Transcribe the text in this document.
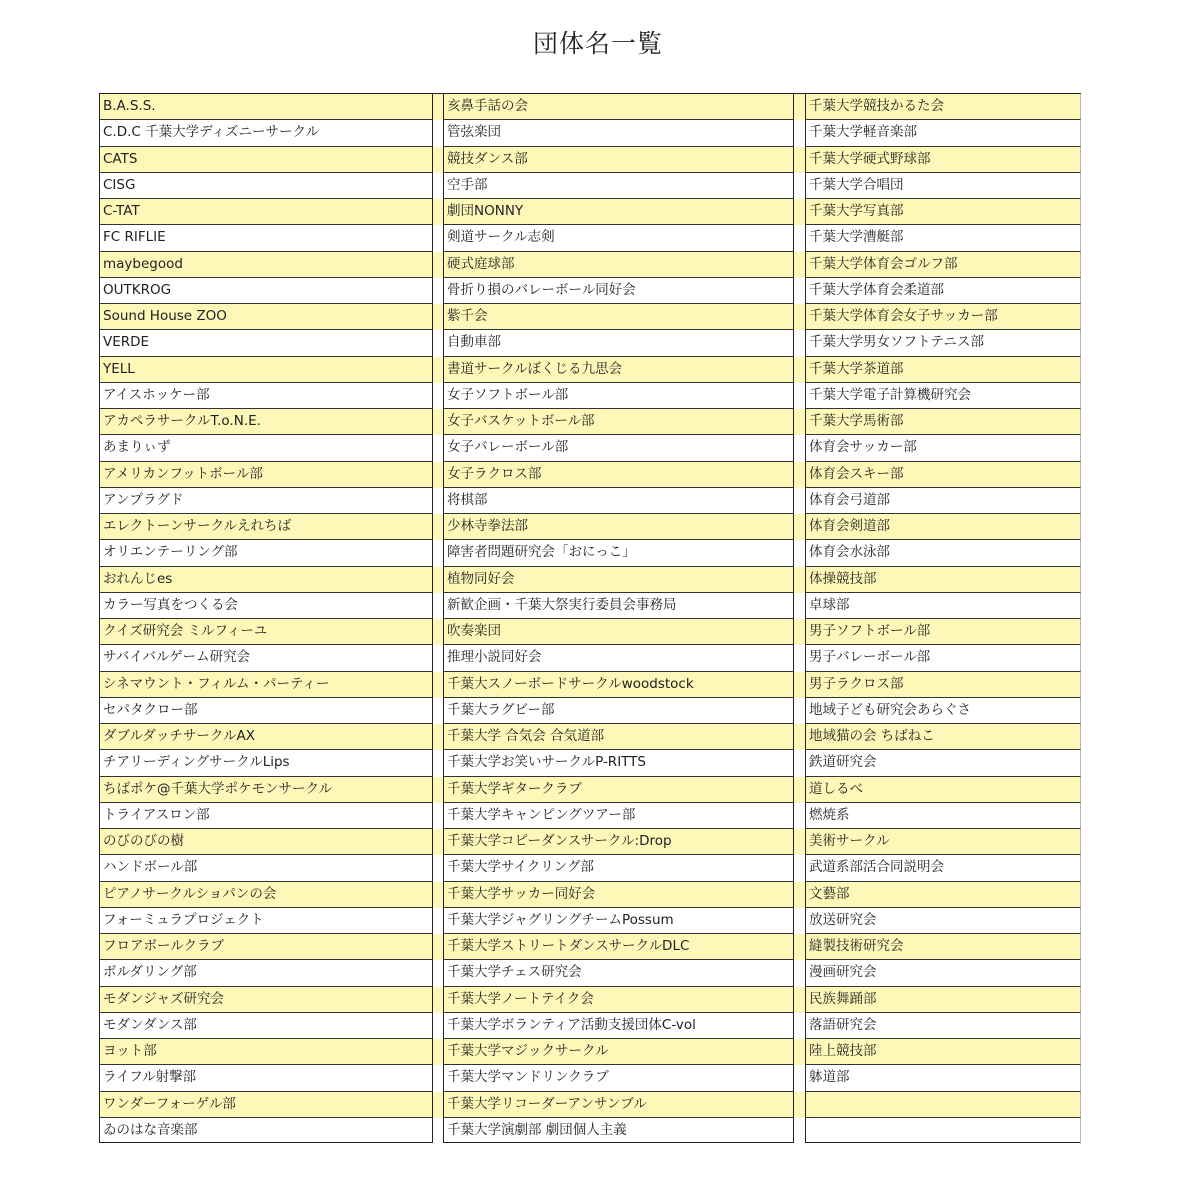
団体名一覧
B.A.S.S.
C.D.C 千葉大学ディズニーサークル
CATS
CISG
C-TAT
FC RIFLIE
maybegood
OUTKROG
Sound House ZOO
VERDE
YELL
アイスホッケー部
アカペラサークルT.o.N.E.
あまりぃず
アメリカンフットボール部
アンプラグド
エレクトーンサークルえれちば
オリエンテーリング部
おれんじes
カラー写真をつくる会
クイズ研究会 ミルフィーユ
サバイバルゲーム研究会
シネマウント・フィルム・パーティー
セパタクロー部
ダブルダッチサークルAX
チアリーディングサークルLips
ちばポケ@千葉大学ポケモンサークル
トライアスロン部
のびのびの樹
ハンドボール部
ピアノサークルショパンの会
フォーミュラプロジェクト
フロアボールクラブ
ボルダリング部
モダンジャズ研究会
モダンダンス部
ヨット部
ライフル射撃部
ワンダーフォーゲル部
ゐのはな音楽部
亥鼻手話の会
管弦楽団
競技ダンス部
空手部
劇団NONNY
剣道サークル志剣
硬式庭球部
骨折り損のバレーボール同好会
紫千会
自動車部
書道サークルぼくじる九思会
女子ソフトボール部
女子バスケットボール部
女子バレーボール部
女子ラクロス部
将棋部
少林寺拳法部
障害者問題研究会「おにっこ」
植物同好会
新歓企画・千葉大祭実行委員会事務局
吹奏楽団
推理小説同好会
千葉大スノーボードサークルwoodstock
千葉大ラグビー部
千葉大学 合気会 合気道部
千葉大学お笑いサークルP-RITTS
千葉大学ギタークラブ
千葉大学キャンピングツアー部
千葉大学コピーダンスサークル:Drop
千葉大学サイクリング部
千葉大学サッカー同好会
千葉大学ジャグリングチームPossum
千葉大学ストリートダンスサークルDLC
千葉大学チェス研究会
千葉大学ノートテイク会
千葉大学ボランティア活動支援団体C-vol
千葉大学マジックサークル
千葉大学マンドリンクラブ
千葉大学リコーダーアンサンブル
千葉大学演劇部 劇団個人主義
千葉大学競技かるた会
千葉大学軽音楽部
千葉大学硬式野球部
千葉大学合唱団
千葉大学写真部
千葉大学漕艇部
千葉大学体育会ゴルフ部
千葉大学体育会柔道部
千葉大学体育会女子サッカー部
千葉大学男女ソフトテニス部
千葉大学茶道部
千葉大学電子計算機研究会
千葉大学馬術部
体育会サッカー部
体育会スキー部
体育会弓道部
体育会剣道部
体育会水泳部
体操競技部
卓球部
男子ソフトボール部
男子バレーボール部
男子ラクロス部
地域子ども研究会あらぐさ
地域猫の会 ちばねこ
鉄道研究会
道しるべ
燃焼系
美術サークル
武道系部活合同説明会
文藝部
放送研究会
縫製技術研究会
漫画研究会
民族舞踊部
落語研究会
陸上競技部
躰道部
